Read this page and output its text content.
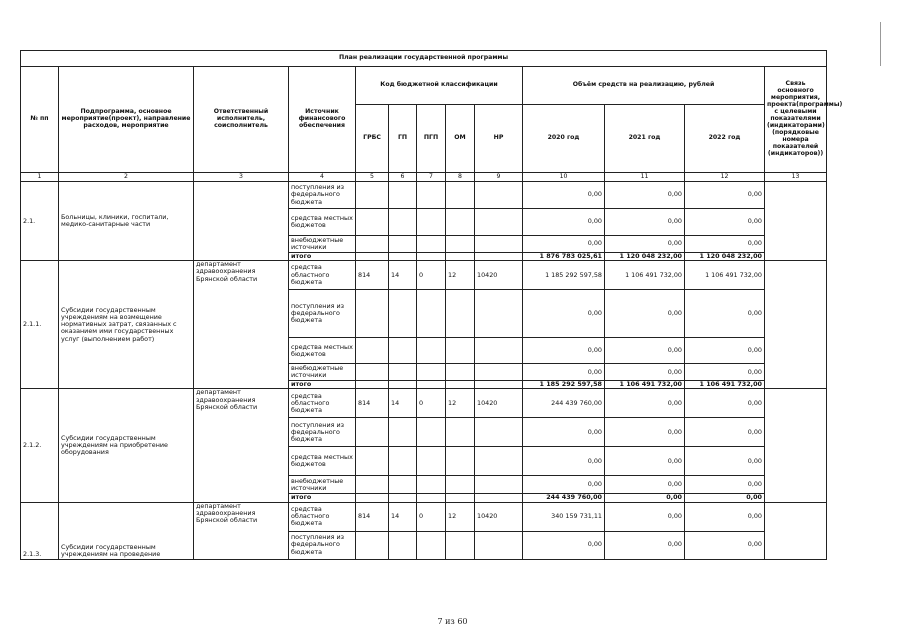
План реализации государственной программы												
№ пп	Подпрограмма, основное мероприятие(проект), направление расходов, мероприятие	Ответственный исполнитель, соисполнитель	Источник финансового обеспечения	Код бюджетной классификации					Объём средств на реализацию, рублей			Связь основного мероприятия, проекта(программы) с целевыми показателями (индикаторами) (порядковые номера показателей (индикаторов))
				ГРБС	ГП	ПГП	ОМ	НР	2020 год	2021 год	2022 год	
1	2	3	4	5	6	7	8	9	10	11	12	13
2.1.	Больницы, клиники, госпитали, медико-санитарные части		поступления из федерального бюджета						0,00	0,00	0,00	
			средства местных бюджетов						0,00	0,00	0,00	
			внебюджетные источники						0,00	0,00	0,00	
			итого						1 876 783 025,61	1 120 048 232,00	1 120 048 232,00	
2.1.1.	Субсидии государственным учреждениям на возмещение нормативных затрат, связанных с оказанием ими государственных услуг (выполнением работ)	департамент здравоохранения Брянской области	средства областного бюджета	814	14	0	12	10420	1 185 292 597,58	1 106 491 732,00	1 106 491 732,00	
			поступления из федерального бюджета						0,00	0,00	0,00	
			средства местных бюджетов						0,00	0,00	0,00	
			внебюджетные источники						0,00	0,00	0,00	
			итого						1 185 292 597,58	1 106 491 732,00	1 106 491 732,00	
2.1.2.	Субсидии государственным учреждениям на приобретение оборудования	департамент здравоохранения Брянской области	средства областного бюджета	814	14	0	12	10420	244 439 760,00	0,00	0,00	
			поступления из федерального бюджета						0,00	0,00	0,00	
			средства местных бюджетов						0,00	0,00	0,00	
			внебюджетные источники						0,00	0,00	0,00	
			итого						244 439 760,00	0,00	0,00	
2.1.3.	Субсидии государственным учреждениям на проведение	департамент здравоохранения Брянской области	средства областного бюджета	814	14	0	12	10420	340 159 731,11	0,00	0,00	
			поступления из федерального бюджета						0,00	0,00	0,00	
7 из 60
